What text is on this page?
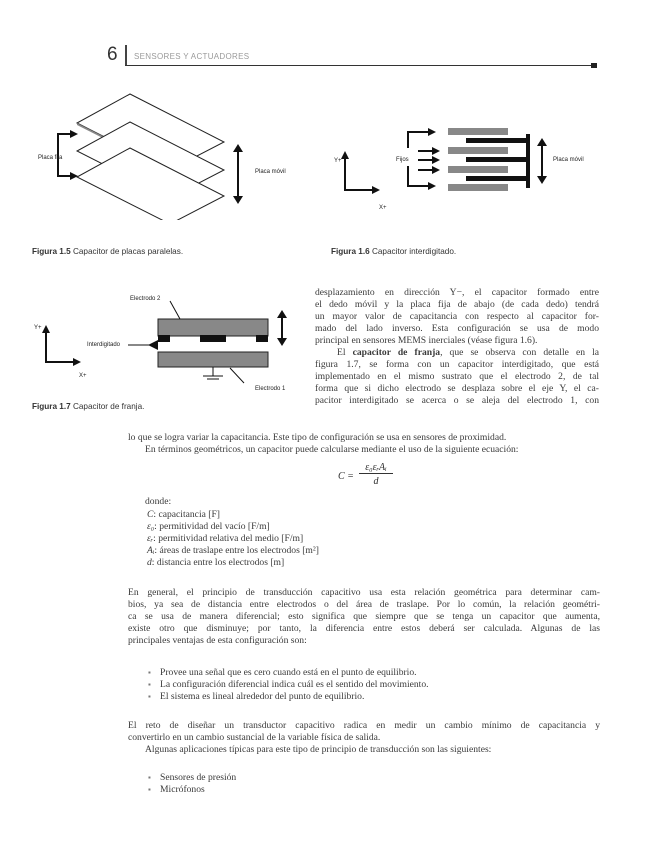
6 SENSORES Y ACTUADORES
Placa fija
Placa móvil
Y+
X+
Fijos	Placa móvil
Figura 1.5 Capacitor de placas paralelas.	Figura 1.6 Capacitor interdigitado.
Electrodo 2
Y+
Interdigitado
X+
Electrodo 1
Figura 1.7 Capacitor de franja.
desplazamiento en dirección Y−, el capacitor formado entre
el dedo móvil y la placa fija de abajo (de cada dedo) tendrá
un mayor valor de capacitancia con respecto al capacitor for-
mado del lado inverso. Esta configuración se usa de modo
principal en sensores MEMS inerciales (véase figura 1.6).
El capacitor de franja, que se observa con detalle en la
figura 1.7, se forma con un capacitor interdigitado, que está
implementado en el mismo sustrato que el electrodo 2, de tal
forma que si dicho electrodo se desplaza sobre el eje Y, el ca-
pacitor interdigitado se acerca o se aleja del electrodo 1, con
lo que se logra variar la capacitancia. Este tipo de configuración se usa en sensores de proximidad.
En términos geométricos, un capacitor puede calcularse mediante el uso de la siguiente ecuación:
C =
ε₀εᵣAᵢ
d
donde:
C: capacitancia [F]
ε₀: permitividad del vacío [F/m]
εᵣ: permitividad relativa del medio [F/m]
Aᵢ: áreas de traslape entre los electrodos [m²]
d: distancia entre los electrodos [m]
En general, el principio de transducción capacitivo usa esta relación geométrica para determinar cam-
bios, ya sea de distancia entre electrodos o del área de traslape. Por lo común, la relación geométri-
ca se usa de manera diferencial; esto significa que siempre que se tenga un capacitor que aumenta,
existe otro que disminuye; por tanto, la diferencia entre estos deberá ser calculada. Algunas de las
principales ventajas de esta configuración son:
▪ Provee una señal que es cero cuando está en el punto de equilibrio.
▪ La configuración diferencial indica cuál es el sentido del movimiento.
▪ El sistema es lineal alrededor del punto de equilibrio.
El reto de diseñar un transductor capacitivo radica en medir un cambio mínimo de capacitancia y
convertirlo en un cambio sustancial de la variable física de salida.
Algunas aplicaciones típicas para este tipo de principio de transducción son las siguientes:
▪ Sensores de presión
▪ Micrófonos
